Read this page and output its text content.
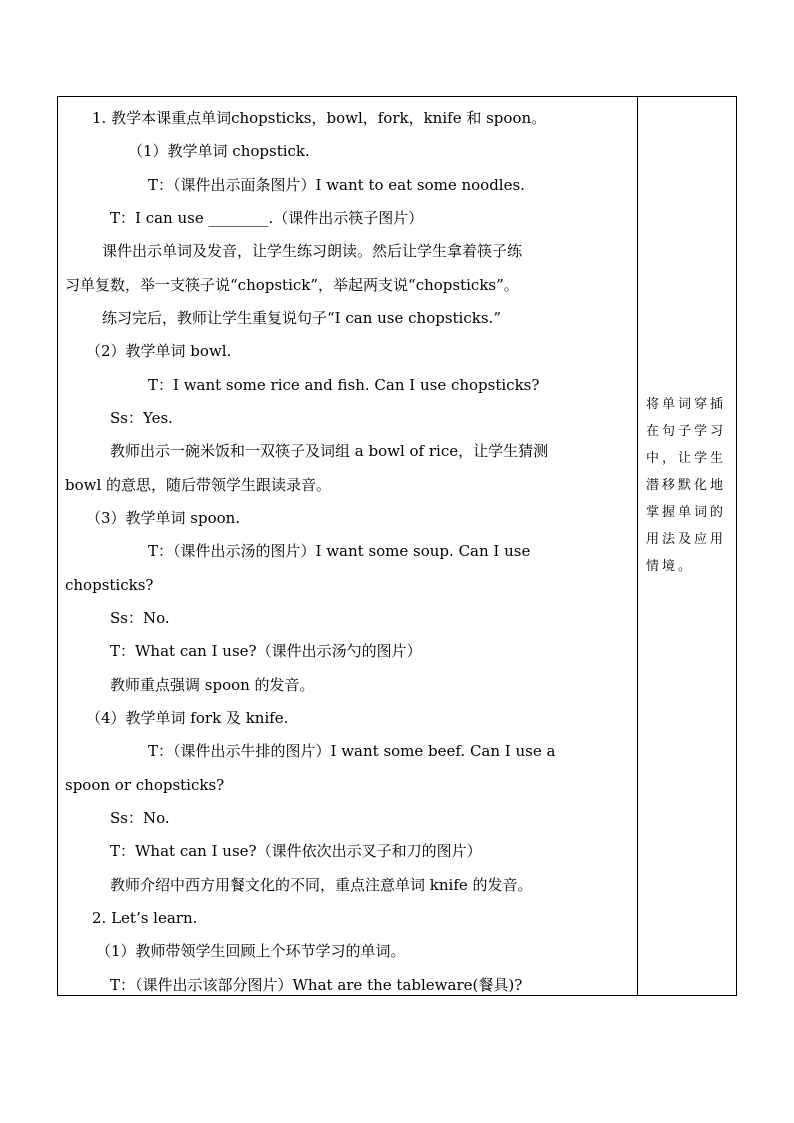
1. 教学本课重点单词chopsticks，bowl，fork，knife 和 spoon。
（1）教学单词 chopstick.
T：（课件出示面条图片）I want to eat some noodles.
T：I can use ________.（课件出示筷子图片）
课件出示单词及发音，让学生练习朗读。然后让学生拿着筷子练
习单复数，举一支筷子说“chopstick”，举起两支说“chopsticks”。
练习完后，教师让学生重复说句子“I can use chopsticks.”
（2）教学单词 bowl.
T：I want some rice and fish. Can I use chopsticks?
Ss：Yes.
教师出示一碗米饭和一双筷子及词组 a bowl of rice，让学生猜测
bowl 的意思，随后带领学生跟读录音。
（3）教学单词 spoon.
T：（课件出示汤的图片）I want some soup. Can I use
chopsticks?
Ss：No.
T：What can I use?（课件出示汤勺的图片）
教师重点强调 spoon 的发音。
（4）教学单词 fork 及 knife.
T：（课件出示牛排的图片）I want some beef. Can I use a
spoon or chopsticks?
Ss：No.
T：What can I use?（课件依次出示叉子和刀的图片）
教师介绍中西方用餐文化的不同，重点注意单词 knife 的发音。
2. Let’s learn.
（1）教师带领学生回顾上个环节学习的单词。
T：（课件出示该部分图片）What are the tableware(餐具)?
将单词穿插
在句子学习
中，让学生
潜移默化地
掌握单词的
用法及应用
情境。
